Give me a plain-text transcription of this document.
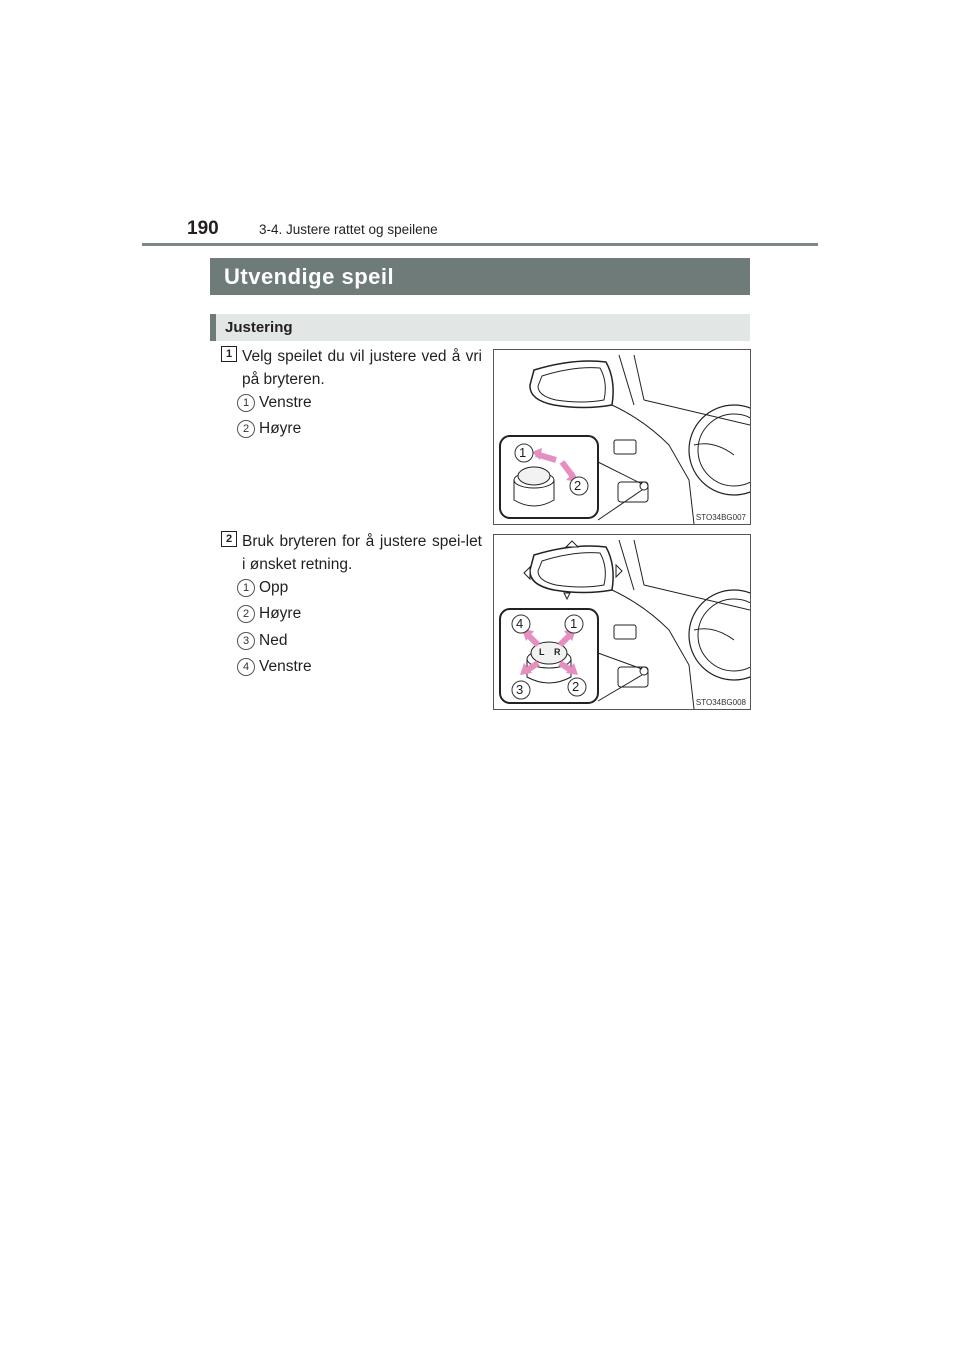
190	3-4. Justere rattet og speilene
Utvendige speil
Justering
1 Velg speilet du vil justere ved å vri på bryteren.
1 Venstre
2 Høyre
1
2
STO34BG007
2 Bruk bryteren for å justere spei-let i ønsket retning.
1 Opp
2 Høyre
3 Ned
4 Venstre
4	1
3	2
L R
STO34BG008
